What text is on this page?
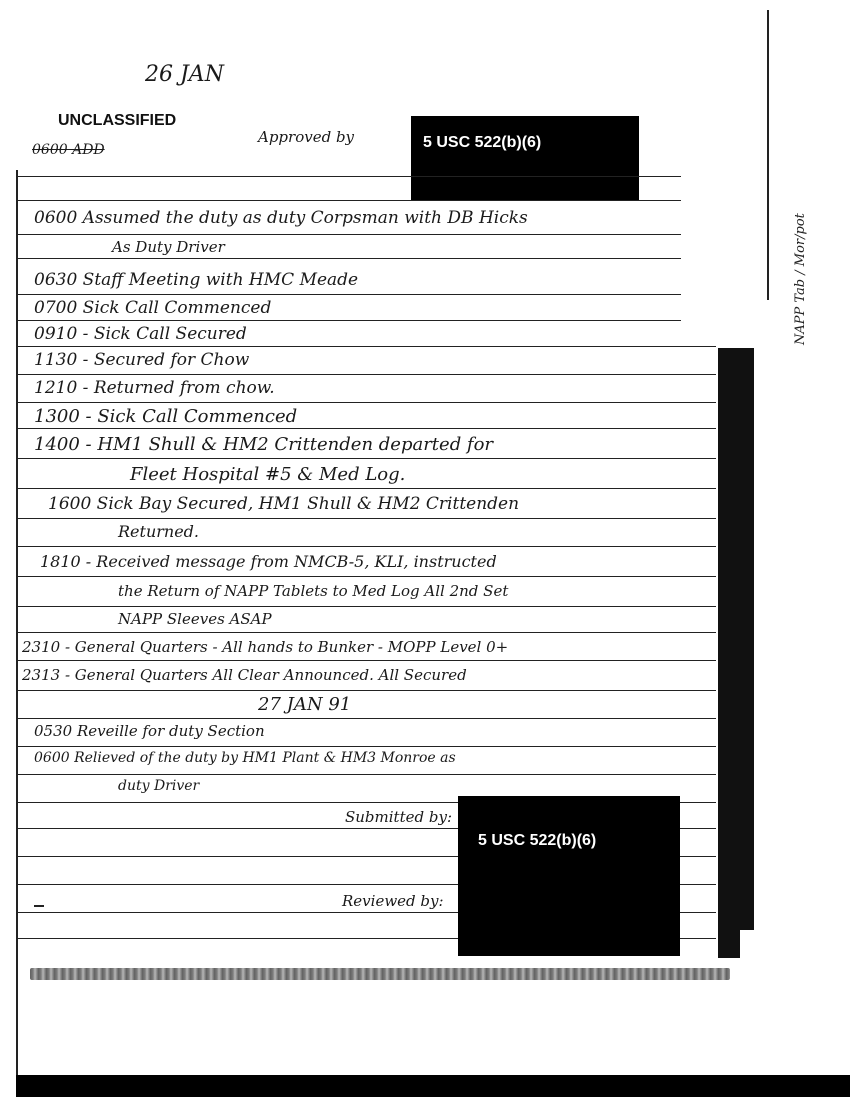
26 JAN
UNCLASSIFIED
0600 ADD
Approved by	5 USC 522(b)(6)
NAPP Tab / Mor/pot
0600 Assumed the duty as duty Corpsman with DB Hicks
As Duty Driver
0630 Staff Meeting with HMC Meade
0700 Sick Call Commenced
0910 - Sick Call Secured
1130 - Secured for Chow
1210 - Returned from chow.
1300 - Sick Call Commenced
1400 - HM1 Shull & HM2 Crittenden departed for
Fleet Hospital #5 & Med Log.
1600 Sick Bay Secured, HM1 Shull & HM2 Crittenden
Returned.
1810 - Received message from NMCB-5, KLI, instructed
the Return of NAPP Tablets to Med Log All 2nd Set
NAPP Sleeves ASAP
2310 - General Quarters - All hands to Bunker - MOPP Level 0+
2313 - General Quarters All Clear Announced. All Secured
27 JAN 91
0530 Reveille for duty Section
0600 Relieved of the duty by HM1 Plant & HM3 Monroe as
duty Driver
Submitted by:
Reviewed by:
5 USC 522(b)(6)
